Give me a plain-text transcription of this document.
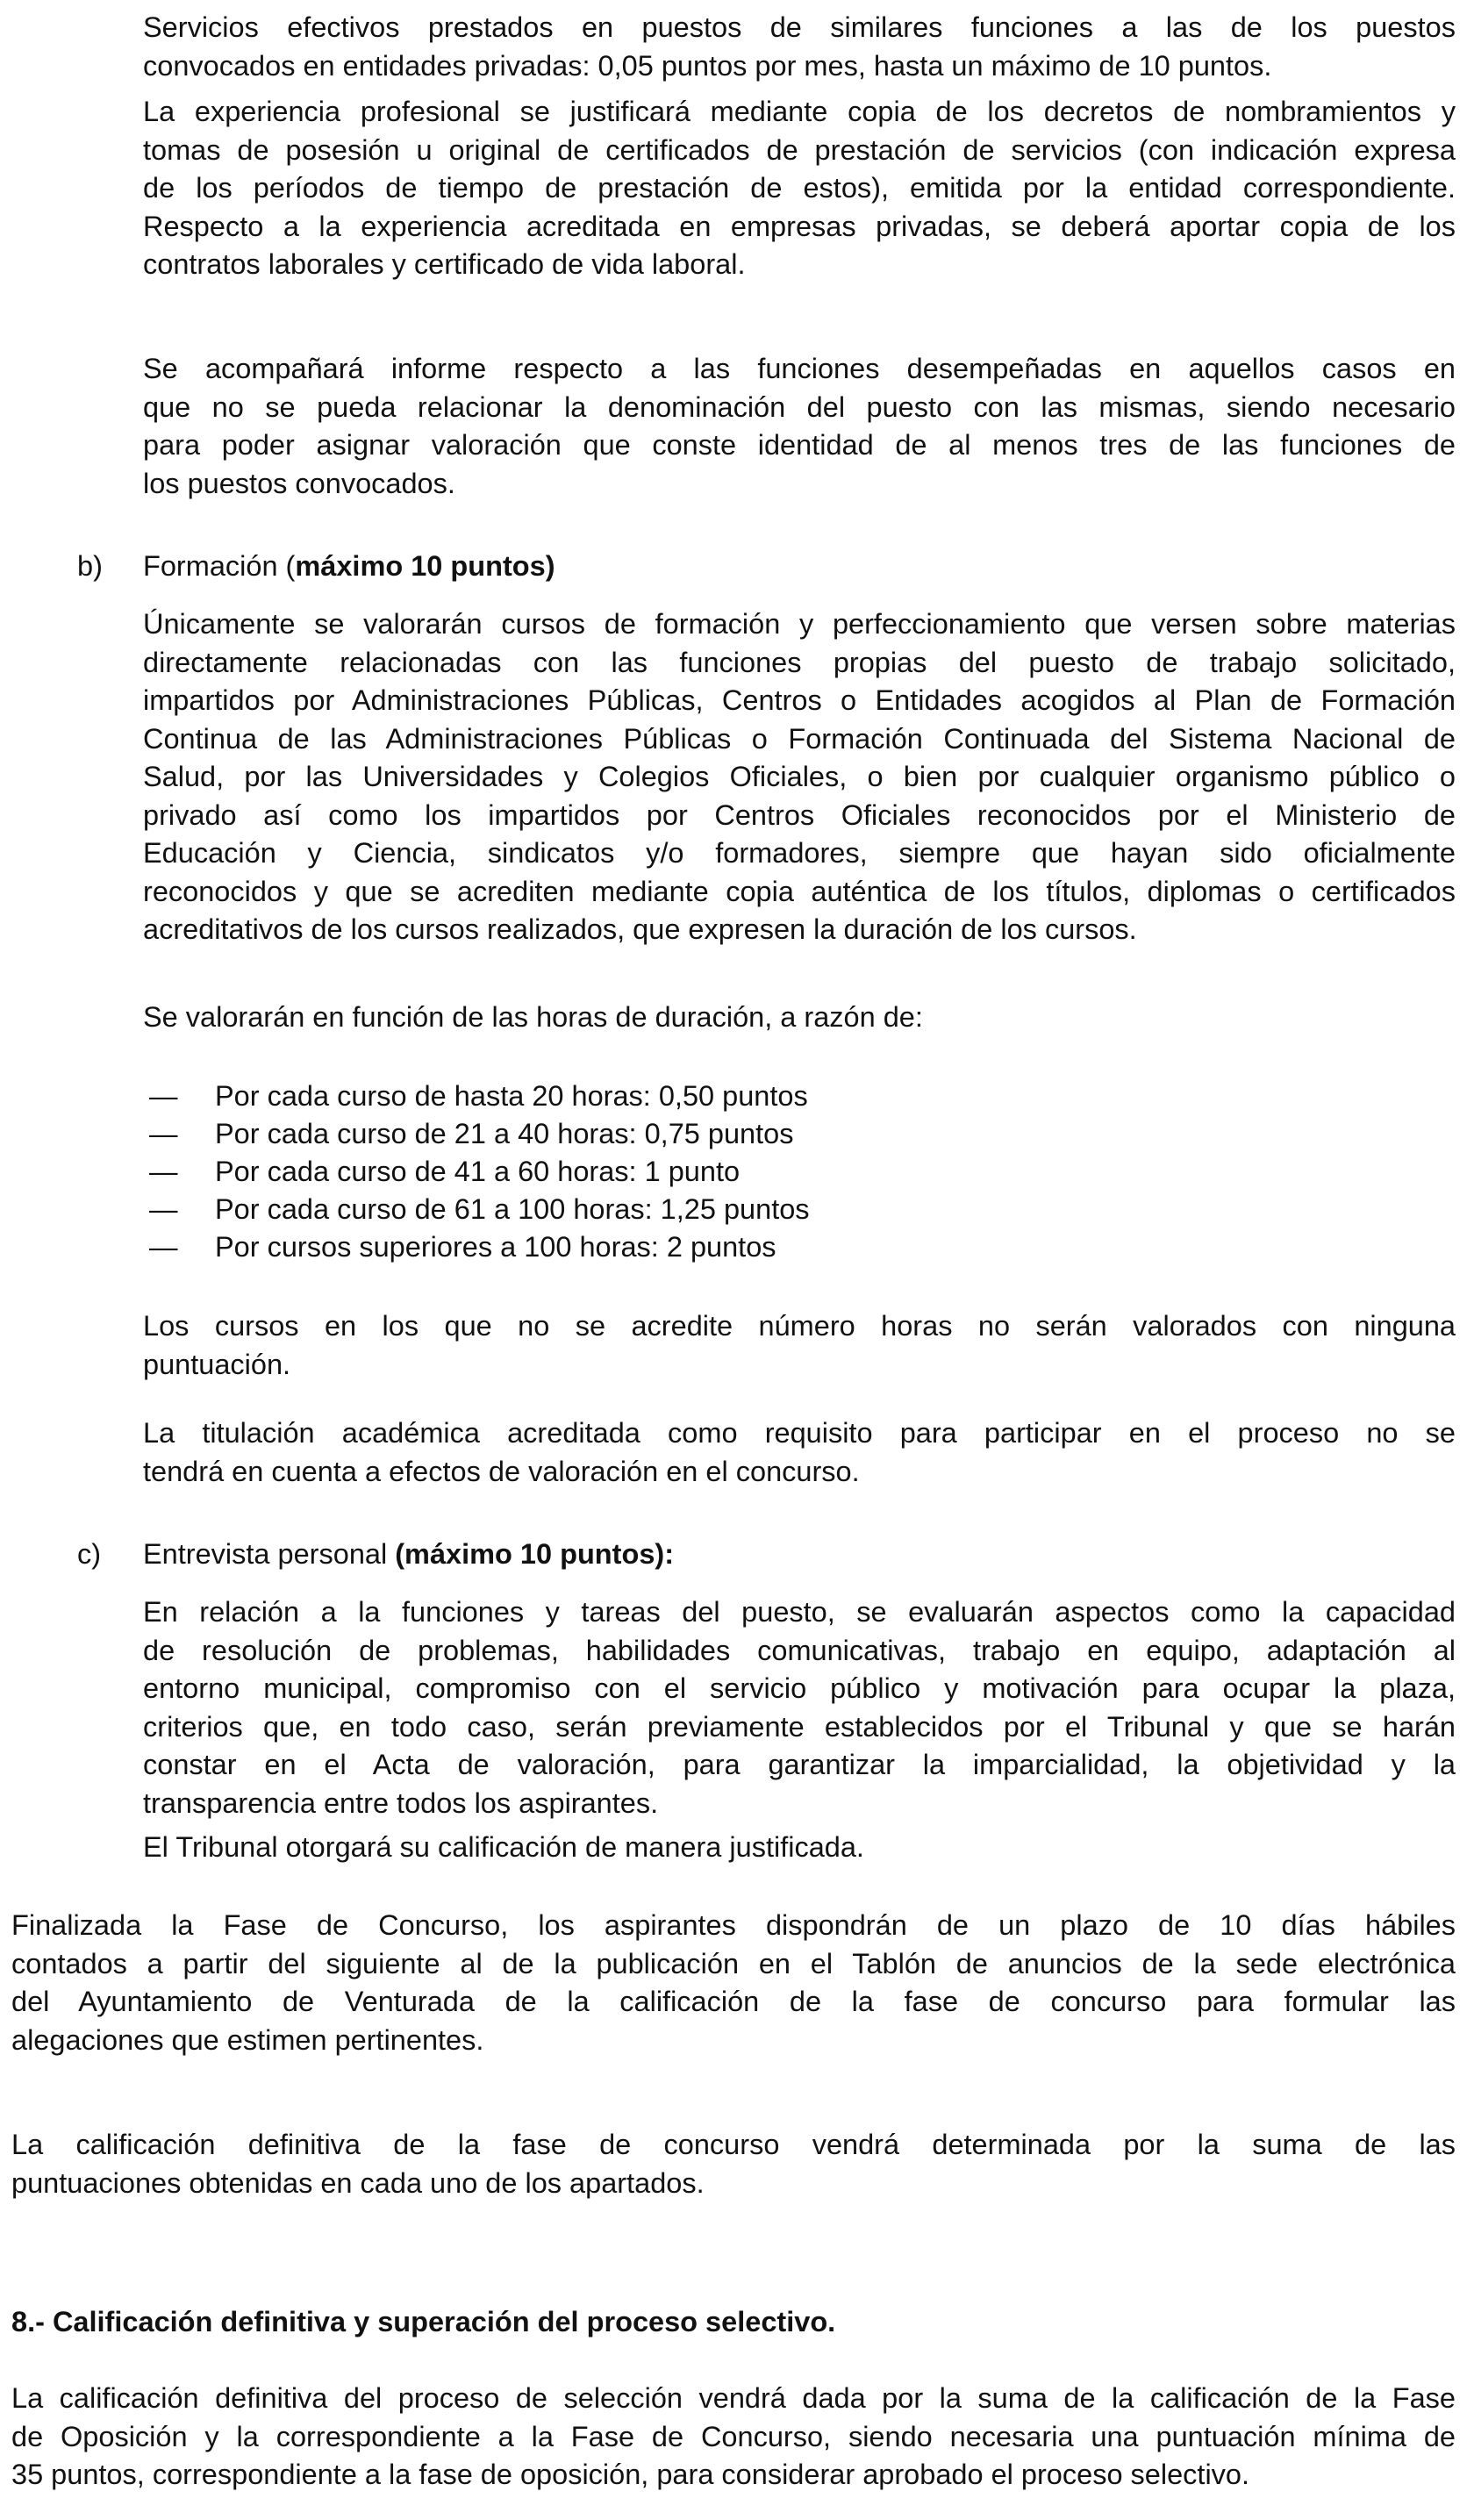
Servicios efectivos prestados en puestos de similares funciones a las de los puestos
convocados en entidades privadas: 0,05 puntos por mes, hasta un máximo de 10 puntos.
La experiencia profesional se justificará mediante copia de los decretos de nombramientos y
tomas de posesión u original de certificados de prestación de servicios (con indicación expresa
de los períodos de tiempo de prestación de estos), emitida por la entidad correspondiente.
Respecto a la experiencia acreditada en empresas privadas, se deberá aportar copia de los
contratos laborales y certificado de vida laboral.
Se acompañará informe respecto a las funciones desempeñadas en aquellos casos en
que no se pueda relacionar la denominación del puesto con las mismas, siendo necesario
para poder asignar valoración que conste identidad de al menos tres de las funciones de
los puestos convocados.
b) Formación (máximo 10 puntos)
Únicamente se valorarán cursos de formación y perfeccionamiento que versen sobre materias
directamente relacionadas con las funciones propias del puesto de trabajo solicitado,
impartidos por Administraciones Públicas, Centros o Entidades acogidos al Plan de Formación
Continua de las Administraciones Públicas o Formación Continuada del Sistema Nacional de
Salud, por las Universidades y Colegios Oficiales, o bien por cualquier organismo público o
privado así como los impartidos por Centros Oficiales reconocidos por el Ministerio de
Educación y Ciencia, sindicatos y/o formadores, siempre que hayan sido oficialmente
reconocidos y que se acrediten mediante copia auténtica de los títulos, diplomas o certificados
acreditativos de los cursos realizados, que expresen la duración de los cursos.
Se valorarán en función de las horas de duración, a razón de:
— Por cada curso de hasta 20 horas: 0,50 puntos
— Por cada curso de 21 a 40 horas: 0,75 puntos
— Por cada curso de 41 a 60 horas: 1 punto
— Por cada curso de 61 a 100 horas: 1,25 puntos
— Por cursos superiores a 100 horas: 2 puntos
Los cursos en los que no se acredite número horas no serán valorados con ninguna
puntuación.
La titulación académica acreditada como requisito para participar en el proceso no se
tendrá en cuenta a efectos de valoración en el concurso.
c) Entrevista personal (máximo 10 puntos):
En relación a la funciones y tareas del puesto, se evaluarán aspectos como la capacidad
de resolución de problemas, habilidades comunicativas, trabajo en equipo, adaptación al
entorno municipal, compromiso con el servicio público y motivación para ocupar la plaza,
criterios que, en todo caso, serán previamente establecidos por el Tribunal y que se harán
constar en el Acta de valoración, para garantizar la imparcialidad, la objetividad y la
transparencia entre todos los aspirantes.
El Tribunal otorgará su calificación de manera justificada.
Finalizada la Fase de Concurso, los aspirantes dispondrán de un plazo de 10 días hábiles
contados a partir del siguiente al de la publicación en el Tablón de anuncios de la sede electrónica
del Ayuntamiento de Venturada de la calificación de la fase de concurso para formular las
alegaciones que estimen pertinentes.
La calificación definitiva de la fase de concurso vendrá determinada por la suma de las
puntuaciones obtenidas en cada uno de los apartados.
8.- Calificación definitiva y superación del proceso selectivo.
La calificación definitiva del proceso de selección vendrá dada por la suma de la calificación de la Fase
de Oposición y la correspondiente a la Fase de Concurso, siendo necesaria una puntuación mínima de
35 puntos, correspondiente a la fase de oposición, para considerar aprobado el proceso selectivo.
